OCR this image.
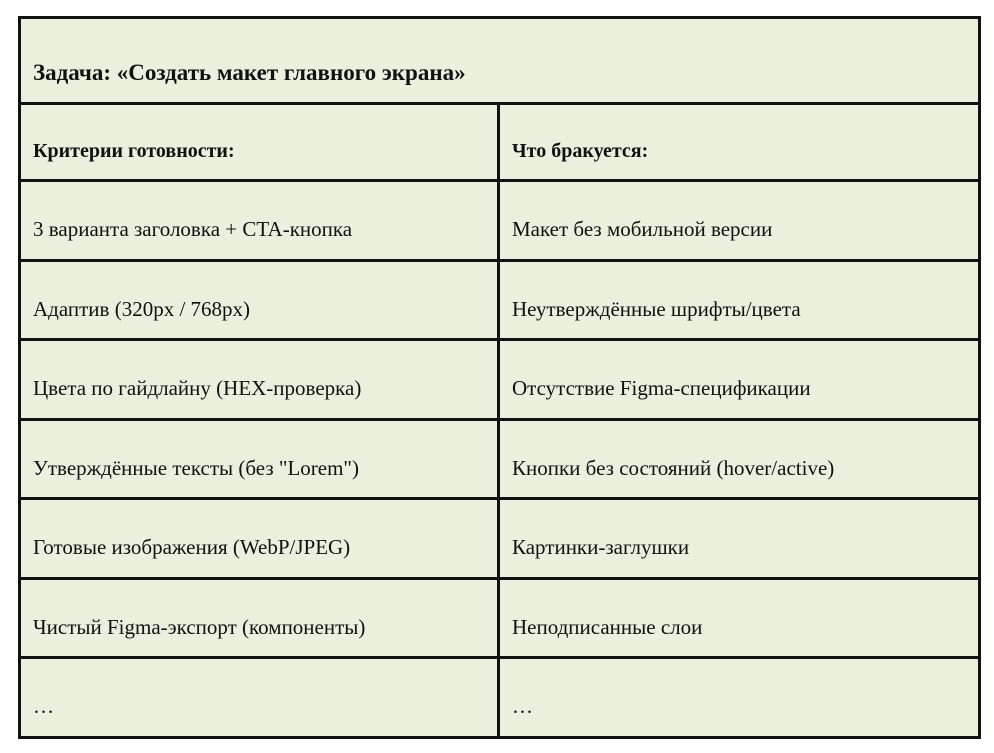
Задача: «Создать макет главного экрана»	
Критерии готовности:	Что бракуется:
3 варианта заголовка + CTA-кнопка	Макет без мобильной версии
Адаптив (320px / 768px)	Неутверждённые шрифты/цвета
Цвета по гайдлайну (HEX-проверка)	Отсутствие Figma-спецификации
Утверждённые тексты (без "Lorem")	Кнопки без состояний (hover/active)
Готовые изображения (WebP/JPEG)	Картинки-заглушки
Чистый Figma-экспорт (компоненты)	Неподписанные слои
…	…
